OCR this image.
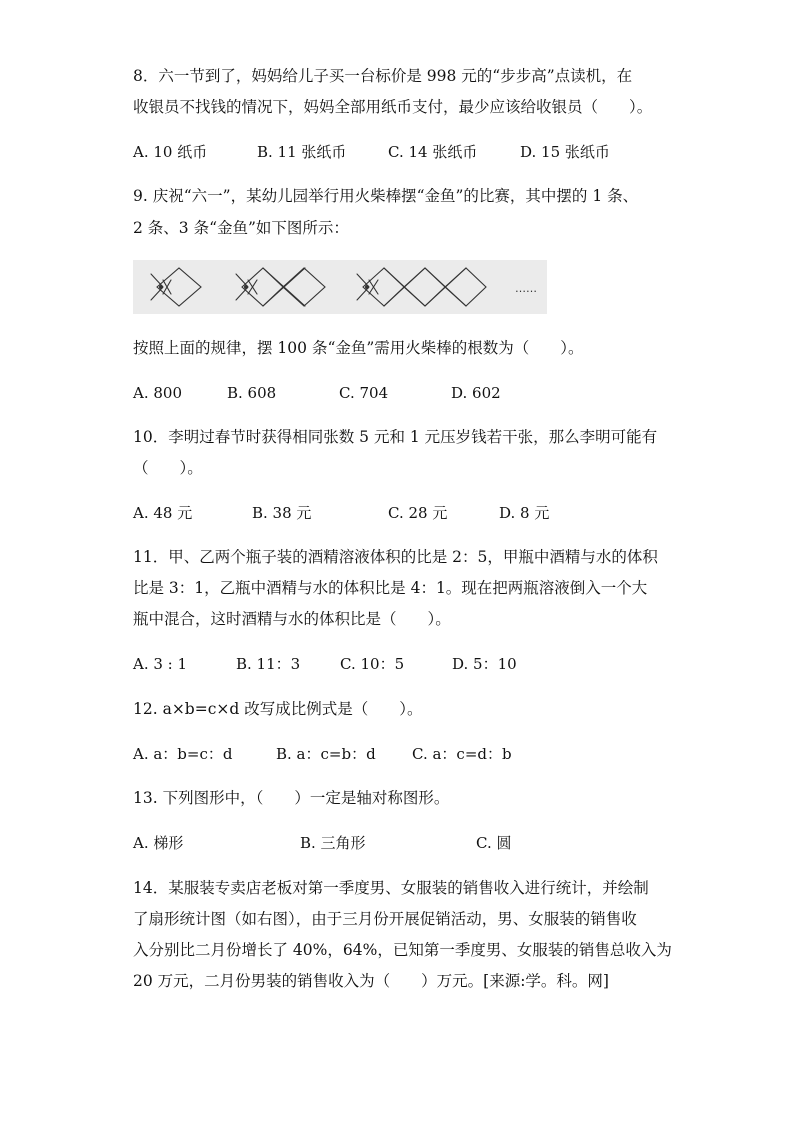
8．六一节到了，妈妈给儿子买一台标价是 998 元的“步步高”点读机，在
收银员不找钱的情况下，妈妈全部用纸币支付，最少应该给收银员（　　）。
A. 10 纸币	B. 11 张纸币	C. 14 张纸币	D. 15 张纸币
9. 庆祝“六一”，某幼儿园举行用火柴棒摆“金鱼”的比赛，其中摆的 1 条、
2 条、3 条“金鱼”如下图所示：
……
按照上面的规律，摆 100 条“金鱼”需用火柴棒的根数为（　　）。
A. 800	B. 608	C. 704	D. 602
10．李明过春节时获得相同张数 5 元和 1 元压岁钱若干张，那么李明可能有
（　　）。
A. 48 元	B. 38 元	C. 28 元	D. 8 元
11．甲、乙两个瓶子装的酒精溶液体积的比是 2：5，甲瓶中酒精与水的体积
比是 3：1，乙瓶中酒精与水的体积比是 4：1。现在把两瓶溶液倒入一个大
瓶中混合，这时酒精与水的体积比是（　　）。
A. 3 : 1	B. 11：3	C. 10：5	D. 5：10
12. a×b=c×d 改写成比例式是（　　）。
A. a：b=c：d	B. a：c=b：d C. a：c=d：b
13. 下列图形中，（　　）一定是轴对称图形。
A. 梯形	B. 三角形	C. 圆
14．某服装专卖店老板对第一季度男、女服装的销售收入进行统计，并绘制
了扇形统计图（如右图），由于三月份开展促销活动，男、女服装的销售收
入分别比二月份增长了 40%，64%，已知第一季度男、女服装的销售总收入为
20 万元，二月份男装的销售收入为（　　）万元。[来源:学。科。网]
